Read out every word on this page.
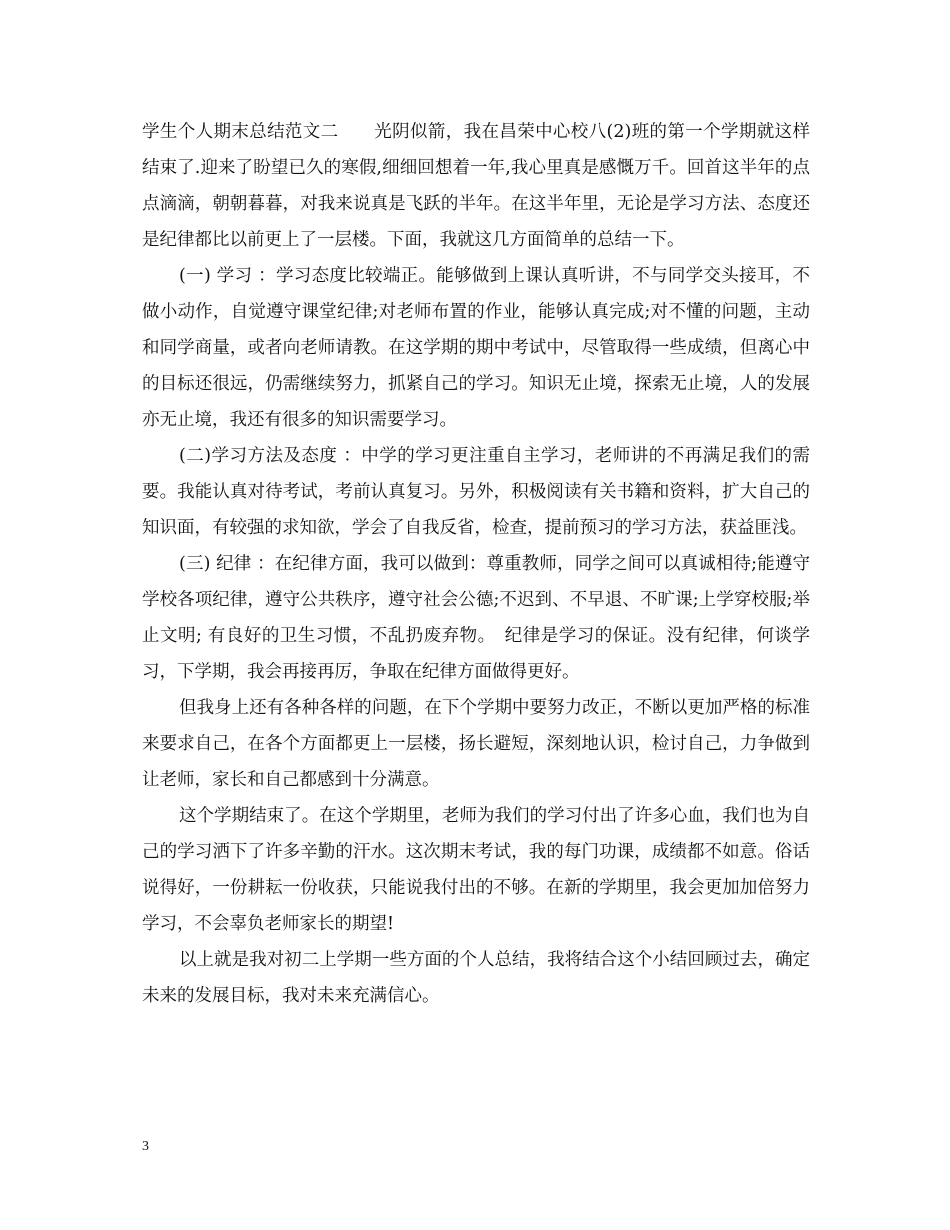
学生个人期末总结范文二　　光阴似箭，我在昌荣中心校八(2)班的第一个学期就这样结束了.迎来了盼望已久的寒假,细细回想着一年,我心里真是感慨万千。回首这半年的点点滴滴，朝朝暮暮，对我来说真是飞跃的半年。在这半年里，无论是学习方法、态度还是纪律都比以前更上了一层楼。下面，我就这几方面简单的总结一下。

(一) 学习 ：学习态度比较端正。能够做到上课认真听讲，不与同学交头接耳，不做小动作，自觉遵守课堂纪律;对老师布置的作业，能够认真完成;对不懂的问题，主动和同学商量，或者向老师请教。在这学期的期中考试中，尽管取得一些成绩，但离心中的目标还很远，仍需继续努力，抓紧自己的学习。知识无止境，探索无止境，人的发展亦无止境，我还有很多的知识需要学习。

(二)学习方法及态度 ：中学的学习更注重自主学习，老师讲的不再满足我们的需要。我能认真对待考试，考前认真复习。另外，积极阅读有关书籍和资料，扩大自己的知识面，有较强的求知欲，学会了自我反省，检查，提前预习的学习方法，获益匪浅。

(三) 纪律 ：在纪律方面，我可以做到：尊重教师，同学之间可以真诚相待;能遵守学校各项纪律，遵守公共秩序，遵守社会公德;不迟到、不早退、不旷课;上学穿校服;举止文明; 有良好的卫生习惯，不乱扔废弃物。　纪律是学习的保证。没有纪律，何谈学习，下学期，我会再接再厉，争取在纪律方面做得更好。

但我身上还有各种各样的问题，在下个学期中要努力改正，不断以更加严格的标准来要求自己，在各个方面都更上一层楼，扬长避短，深刻地认识，检讨自己，力争做到让老师，家长和自己都感到十分满意。

这个学期结束了。在这个学期里，老师为我们的学习付出了许多心血，我们也为自己的学习洒下了许多辛勤的汗水。这次期末考试，我的每门功课，成绩都不如意。俗话说得好，一份耕耘一份收获，只能说我付出的不够。在新的学期里，我会更加加倍努力学习，不会辜负老师家长的期望!

以上就是我对初二上学期一些方面的个人总结，我将结合这个小结回顾过去，确定未来的发展目标，我对未来充满信心。

3
